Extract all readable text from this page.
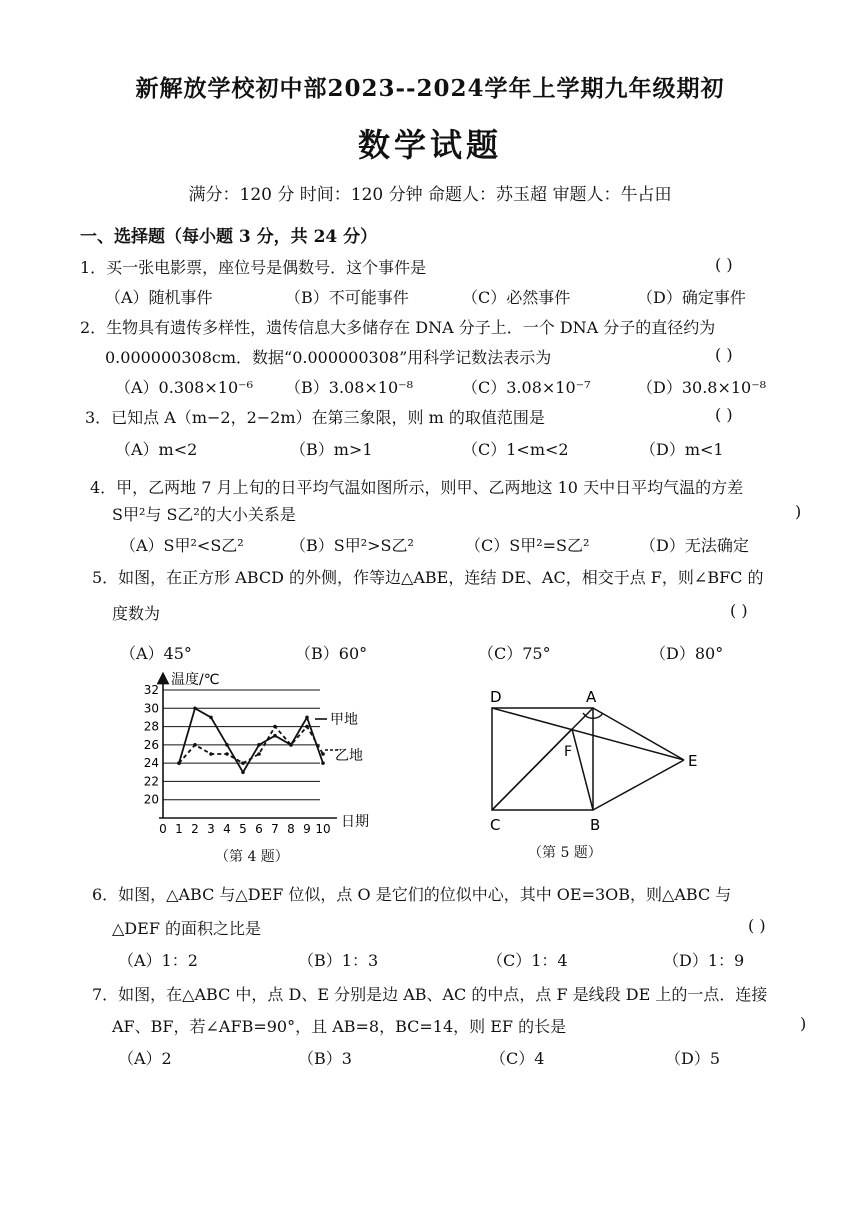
新解放学校初中部2023--2024学年上学期九年级期初
数学试题
满分：120 分 时间：120 分钟 命题人：苏玉超 审题人：牛占田
一、选择题（每小题 3 分，共 24 分）
1．买一张电影票，座位号是偶数号．这个事件是	( )
（A）随机事件	（B）不可能事件	（C）必然事件	（D）确定事件
2．生物具有遗传多样性，遗传信息大多储存在 DNA 分子上．一个 DNA 分子的直径约为
0.000000308cm．数据“0.000000308”用科学记数法表示为	( )
（A）0.308×10⁻⁶ （B）3.08×10⁻⁸	（C）3.08×10⁻⁷	（D）30.8×10⁻⁸
3．已知点 A（m−2，2−2m）在第三象限，则 m 的取值范围是	( )
（A）m<2	（B）m>1	（C）1<m<2	（D）m<1
4．甲，乙两地 7 月上旬的日平均气温如图所示，则甲、乙两地这 10 天中日平均气温的方差
S甲²与 S乙²的大小关系是	)
（A）S甲²<S乙²	（B）S甲²>S乙²	（C）S甲²=S乙²	（D）无法确定
5．如图，在正方形 ABCD 的外侧，作等边△ABE，连结 DE、AC，相交于点 F，则∠BFC 的
度数为	( )
（A）45°	（B）60°	（C）75°	（D）80°
20
22
24
26
28
30
32
0 1 2 3 4 5 6 7 8 9 10
温度/℃
日期
甲地
乙地
（第 4 题）
D	A
F	E
C	B
（第 5 题）
6．如图，△ABC 与△DEF 位似，点 O 是它们的位似中心，其中 OE=3OB，则△ABC 与
△DEF 的面积之比是	( )
（A）1：2	（B）1：3	（C）1：4	（D）1：9
7．如图，在△ABC 中，点 D、E 分别是边 AB、AC 的中点，点 F 是线段 DE 上的一点．连接
AF、BF，若∠AFB=90°，且 AB=8，BC=14，则 EF 的长是	)
（A）2	（B）3	（C）4	（D）5
